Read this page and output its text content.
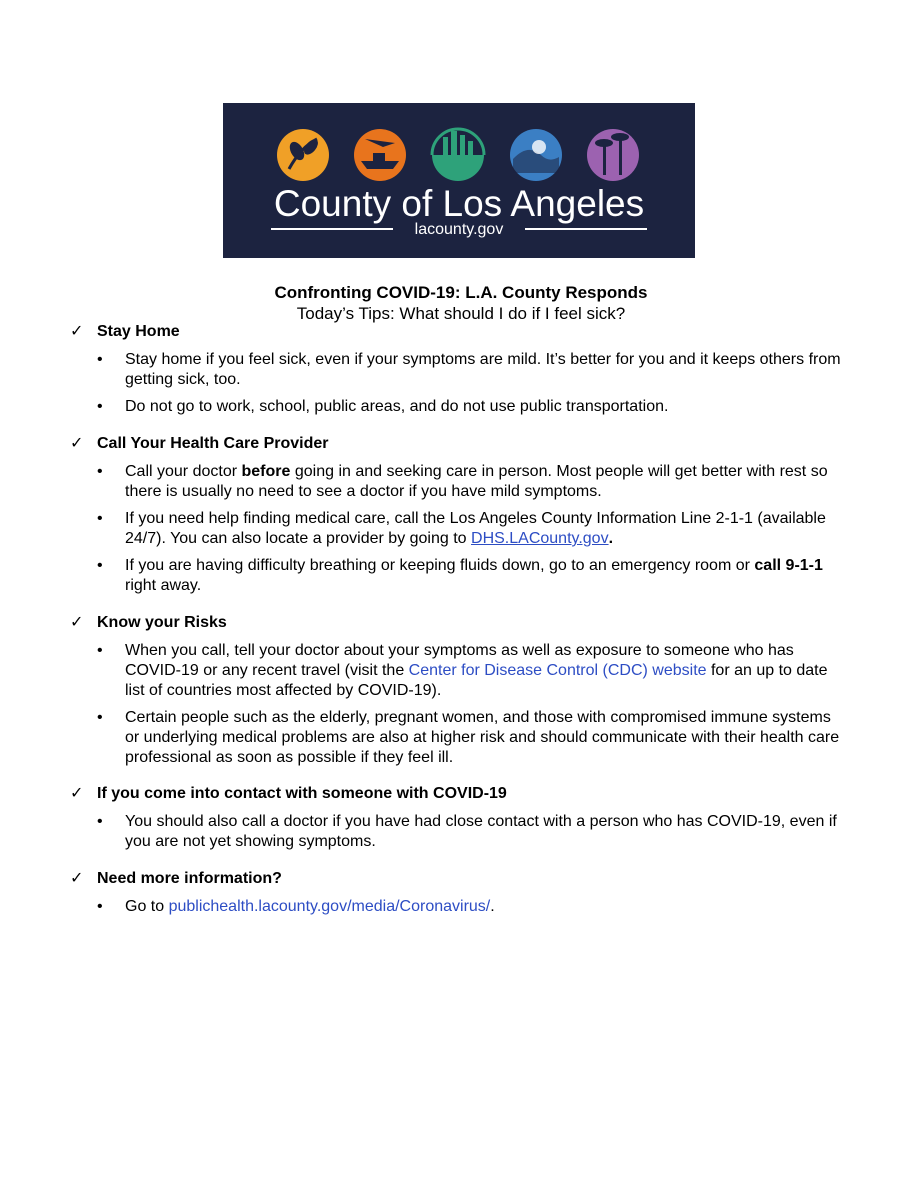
County of Los Angeles
lacounty.gov
Confronting COVID-19: L.A. County Responds
Today’s Tips: What should I do if I feel sick?
✓ Stay Home
• Stay home if you feel sick, even if your symptoms are mild. It’s better for you and it keeps others from getting sick, too.
• Do not go to work, school, public areas, and do not use public transportation.
✓ Call Your Health Care Provider
• Call your doctor before going in and seeking care in person. Most people will get better with rest so there is usually no need to see a doctor if you have mild symptoms.
• If you need help finding medical care, call the Los Angeles County Information Line 2-1-1 (available 24/7). You can also locate a provider by going to DHS.LACounty.gov.
• If you are having difficulty breathing or keeping fluids down, go to an emergency room or call 9-1-1 right away.
✓ Know your Risks
• When you call, tell your doctor about your symptoms as well as exposure to someone who has COVID-19 or any recent travel (visit the Center for Disease Control (CDC) website for an up to date list of countries most affected by COVID-19).
• Certain people such as the elderly, pregnant women, and those with compromised immune systems or underlying medical problems are also at higher risk and should communicate with their health care professional as soon as possible if they feel ill.
✓ If you come into contact with someone with COVID-19
• You should also call a doctor if you have had close contact with a person who has COVID-19, even if you are not yet showing symptoms.
✓ Need more information?
• Go to publichealth.lacounty.gov/media/Coronavirus/.
